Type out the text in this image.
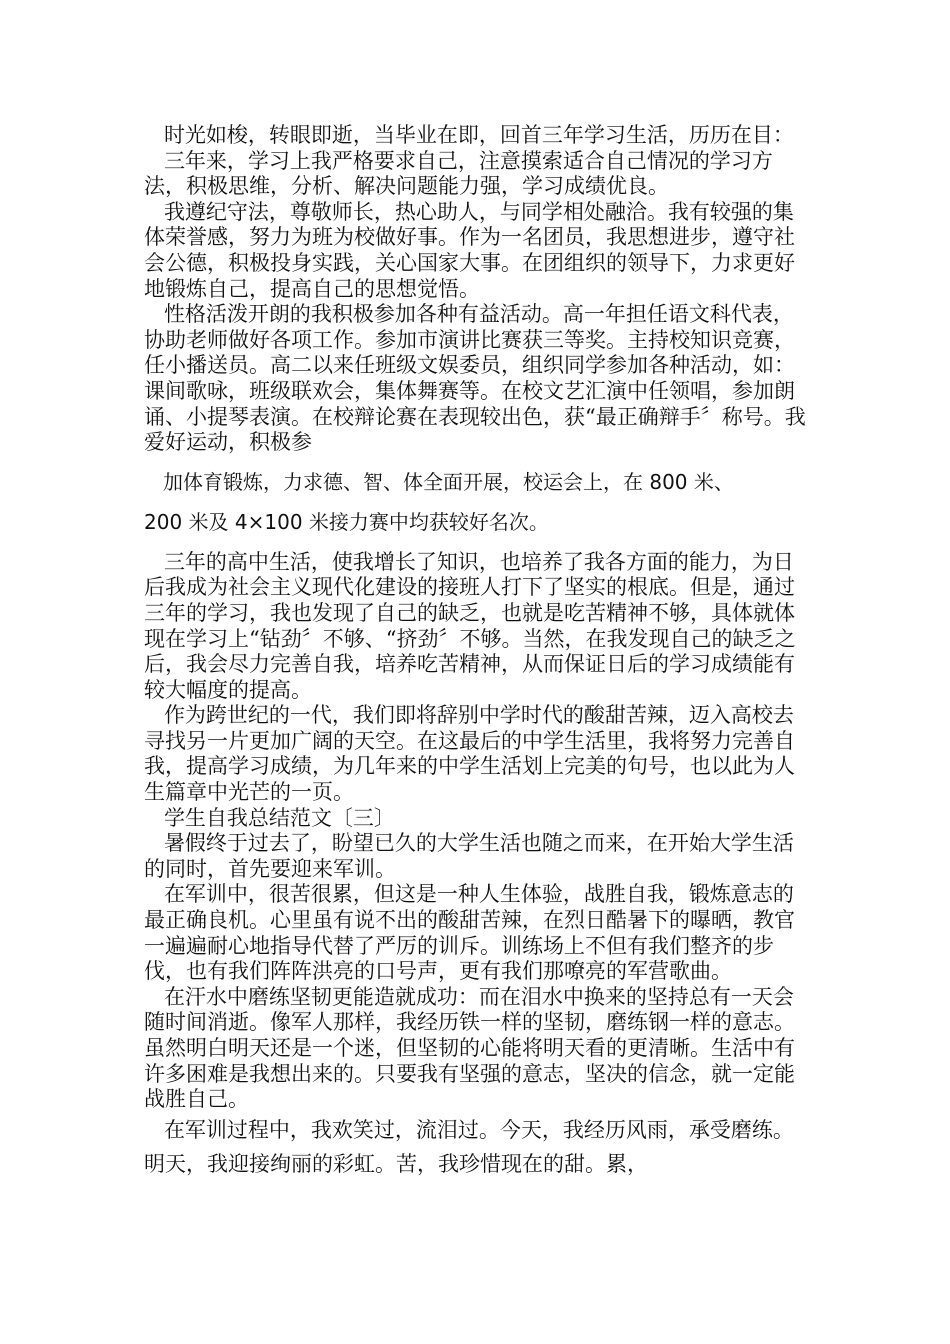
时光如梭，转眼即逝，当毕业在即，回首三年学习生活，历历在目：

三年来，学习上我严格要求自己，注意摸索适合自己情况的学习方法，积极思维，分析、解决问题能力强，学习成绩优良。

我遵纪守法，尊敬师长，热心助人，与同学相处融洽。我有较强的集体荣誉感，努力为班为校做好事。作为一名团员，我思想进步，遵守社会公德，积极投身实践，关心国家大事。在团组织的领导下，力求更好地锻炼自己，提高自己的思想觉悟。

性格活泼开朗的我积极参加各种有益活动。高一年担任语文科代表，协助老师做好各项工作。参加市演讲比赛获三等奖。主持校知识竞赛，任小播送员。高二以来任班级文娱委员，组织同学参加各种活动，如：课间歌咏，班级联欢会，集体舞赛等。在校文艺汇演中任领唱，参加朗诵、小提琴表演。在校辩论赛在表现较出色，获“最正确辩手〞称号。我爱好运动，积极参

加体育锻炼，力求德、智、体全面开展，校运会上，在 800 米、

200 米及 4×100 米接力赛中均获较好名次。

三年的高中生活，使我增长了知识，也培养了我各方面的能力，为日后我成为社会主义现代化建设的接班人打下了坚实的根底。但是，通过三年的学习，我也发现了自己的缺乏，也就是吃苦精神不够，具体就体现在学习上“钻劲〞不够、“挤劲〞不够。当然，在我发现自己的缺乏之后，我会尽力完善自我，培养吃苦精神，从而保证日后的学习成绩能有较大幅度的提高。

作为跨世纪的一代，我们即将辞别中学时代的酸甜苦辣，迈入高校去寻找另一片更加广阔的天空。在这最后的中学生活里，我将努力完善自我，提高学习成绩，为几年来的中学生活划上完美的句号，也以此为人生篇章中光芒的一页。

学生自我总结范文〔三〕

暑假终于过去了，盼望已久的大学生活也随之而来，在开始大学生活的同时，首先要迎来军训。

在军训中，很苦很累，但这是一种人生体验，战胜自我，锻炼意志的最正确良机。心里虽有说不出的酸甜苦辣，在烈日酷暑下的曝晒，教官一遍遍耐心地指导代替了严厉的训斥。训练场上不但有我们整齐的步伐，也有我们阵阵洪亮的口号声，更有我们那嘹亮的军营歌曲。

在汗水中磨练坚韧更能造就成功：而在泪水中换来的坚持总有一天会随时间消逝。像军人那样，我经历铁一样的坚韧，磨练钢一样的意志。虽然明白明天还是一个迷，但坚韧的心能将明天看的更清晰。生活中有许多困难是我想出来的。只要我有坚强的意志，坚决的信念，就一定能战胜自己。

在军训过程中，我欢笑过，流泪过。今天，我经历风雨，承受磨练。 明天，我迎接绚丽的彩虹。苦，我珍惜现在的甜。累，
